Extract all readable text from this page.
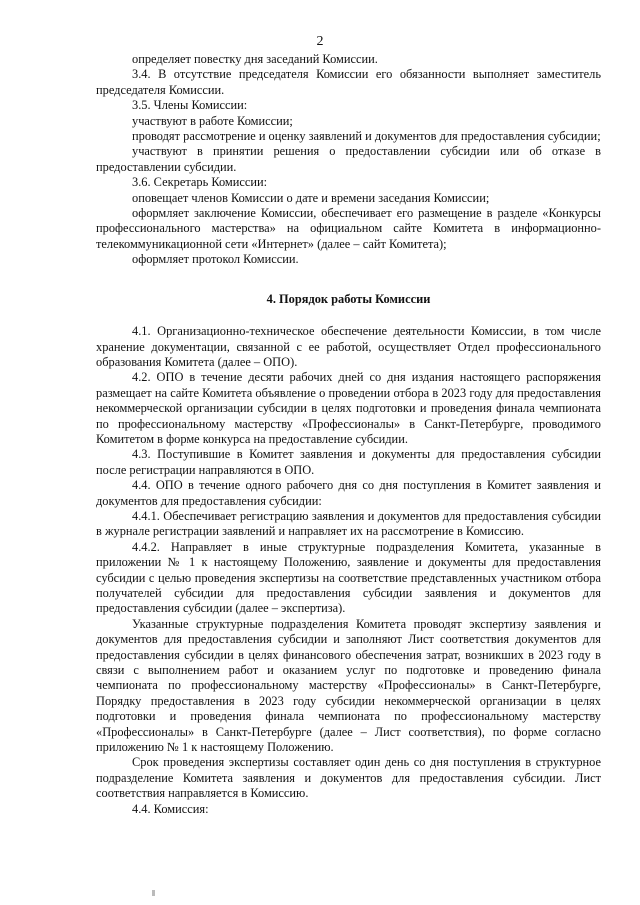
2

определяет повестку дня заседаний Комиссии.

3.4. В отсутствие председателя Комиссии его обязанности выполняет заместитель председателя Комиссии.

3.5. Члены Комиссии:

участвуют в работе Комиссии;

проводят рассмотрение и оценку заявлений и документов для предоставления субсидии;

участвуют в принятии решения о предоставлении субсидии или об отказе в предоставлении субсидии.

3.6. Секретарь Комиссии:

оповещает членов Комиссии о дате и времени заседания Комиссии;

оформляет заключение Комиссии, обеспечивает его размещение в разделе «Конкурсы профессионального мастерства» на официальном сайте Комитета в информационно-телекоммуникационной сети «Интернет» (далее – сайт Комитета);

оформляет протокол Комиссии.

4. Порядок работы Комиссии

4.1. Организационно-техническое обеспечение деятельности Комиссии, в том числе хранение документации, связанной с ее работой, осуществляет Отдел профессионального образования Комитета (далее – ОПО).

4.2. ОПО в течение десяти рабочих дней со дня издания настоящего распоряжения размещает на сайте Комитета объявление о проведении отбора в 2023 году для предоставления некоммерческой организации субсидии в целях подготовки и проведения финала чемпионата по профессиональному мастерству «Профессионалы» в Санкт-Петербурге, проводимого Комитетом в форме конкурса на предоставление субсидии.

4.3. Поступившие в Комитет заявления и документы для предоставления субсидии после регистрации направляются в ОПО.

4.4. ОПО в течение одного рабочего дня со дня поступления в Комитет заявления и документов для предоставления субсидии:

4.4.1. Обеспечивает регистрацию заявления и документов для предоставления субсидии в журнале регистрации заявлений и направляет их на рассмотрение в Комиссию.

4.4.2. Направляет в иные структурные подразделения Комитета, указанные в приложении № 1 к настоящему Положению, заявление и документы для предоставления субсидии с целью проведения экспертизы на соответствие представленных участником отбора получателей субсидии для предоставления субсидии заявления и документов для предоставления субсидии (далее – экспертиза).

Указанные структурные подразделения Комитета проводят экспертизу заявления и документов для предоставления субсидии и заполняют Лист соответствия документов для предоставления субсидии в целях финансового обеспечения затрат, возникших в 2023 году в связи с выполнением работ и оказанием услуг по подготовке и проведению финала чемпионата по профессиональному мастерству «Профессионалы» в Санкт-Петербурге, Порядку предоставления в 2023 году субсидии некоммерческой организации в целях подготовки и проведения финала чемпионата по профессиональному мастерству «Профессионалы» в Санкт-Петербурге (далее – Лист соответствия), по форме согласно приложению № 1 к настоящему Положению.

Срок проведения экспертизы составляет один день со дня поступления в структурное подразделение Комитета заявления и документов для предоставления субсидии. Лист соответствия направляется в Комиссию.

4.4. Комиссия:
